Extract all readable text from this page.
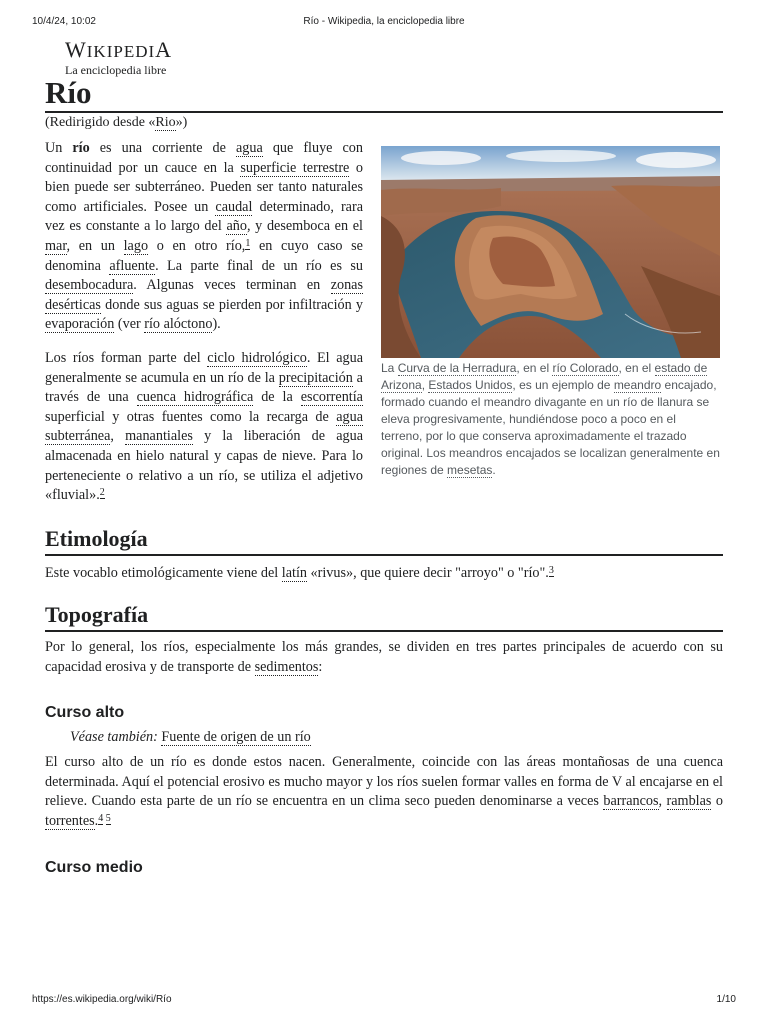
10/4/24, 10:02	Río - Wikipedia, la enciclopedia libre
WIKIPEDIA
La enciclopedia libre
Río
(Redirigido desde «Rio»)
La Curva de la Herradura, en el río Colorado, en el estado de Arizona, Estados Unidos, es un ejemplo de meandro encajado, formado cuando el meandro divagante en un río de llanura se eleva progresivamente, hundiéndose poco a poco en el terreno, por lo que conserva aproximadamente el trazado original. Los meandros encajados se localizan generalmente en regiones de mesetas.

Un río es una corriente de agua que fluye con continuidad por un cauce en la superficie terrestre o bien puede ser subterráneo. Pueden ser tanto naturales como artificiales. Posee un caudal determinado, rara vez es constante a lo largo del año, y desemboca en el mar, en un lago o en otro río,$^1$ en cuyo caso se denomina afluente. La parte final de un río es su desembocadura. Algunas veces terminan en zonas desérticas donde sus aguas se pierden por infiltración y evaporación (ver río alóctono).

Los ríos forman parte del ciclo hidrológico. El agua generalmente se acumula en un río de la precipitación a través de una cuenca hidrográfica de la escorrentía superficial y otras fuentes como la recarga de agua subterránea, manantiales y la liberación de agua almacenada en hielo natural y capas de nieve. Para lo perteneciente o relativo a un río, se utiliza el adjetivo «fluvial».$^2$

Etimología

Este vocablo etimológicamente viene del latín «rivus», que quiere decir "arroyo" o "río".$^3$

Topografía

Por lo general, los ríos, especialmente los más grandes, se dividen en tres partes principales de acuerdo con su capacidad erosiva y de transporte de sedimentos:

Curso alto
Véase también: Fuente de origen de un río

El curso alto de un río es donde estos nacen. Generalmente, coincide con las áreas montañosas de una cuenca determinada. Aquí el potencial erosivo es mucho mayor y los ríos suelen formar valles en forma de V al encajarse en el relieve. Cuando esta parte de un río se encuentra en un clima seco pueden denominarse a veces barrancos, ramblas o torrentes.$^{4 5}$

Curso medio
https://es.wikipedia.org/wiki/Río	1/10
